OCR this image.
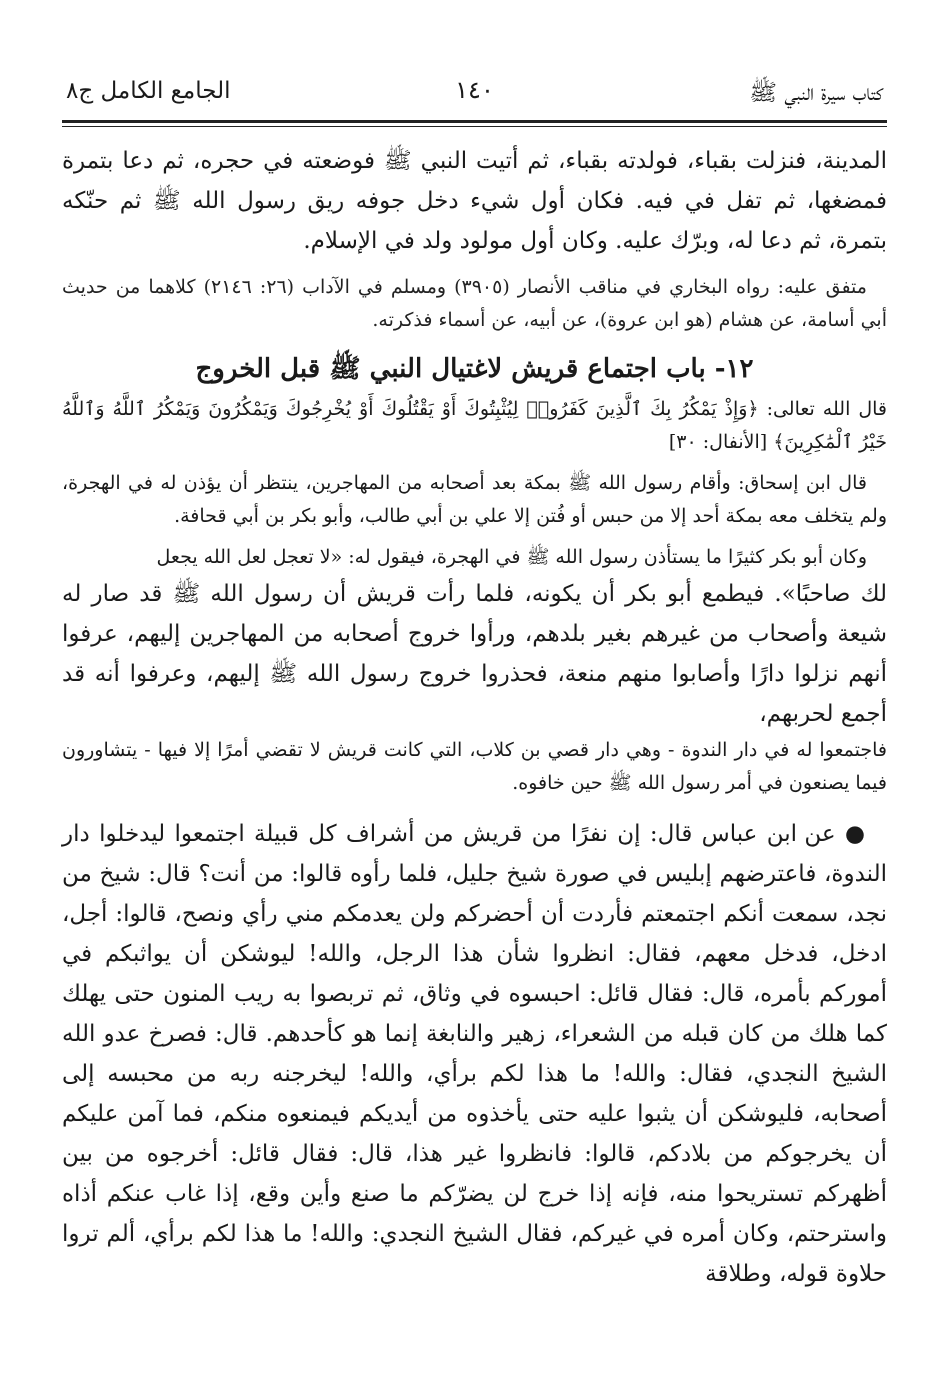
كتاب سيرة النبي ﷺ
١٤٠
الجامع الكامل ج٨

المدينة، فنزلت بقباء، فولدته بقباء، ثم أتيت النبي ﷺ فوضعته في حجره، ثم دعا بتمرة فمضغها، ثم تفل في فيه. فكان أول شيء دخل جوفه ريق رسول الله ﷺ ثم حنّكه بتمرة، ثم دعا له، وبرّك عليه. وكان أول مولود ولد في الإسلام.

متفق عليه: رواه البخاري في مناقب الأنصار (٣٩٠٥) ومسلم في الآداب (٢٦: ٢١٤٦) كلاهما من حديث أبي أسامة، عن هشام (هو ابن عروة)، عن أبيه، عن أسماء فذكرته.

١٢- باب اجتماع قريش لاغتيال النبي ﷺ قبل الخروج

قال الله تعالى: ﴿وَإِذْ يَمْكُرُ بِكَ ٱلَّذِينَ كَفَرُوا۟ لِيُثْبِتُوكَ أَوْ يَقْتُلُوكَ أَوْ يُخْرِجُوكَ وَيَمْكُرُونَ وَيَمْكُرُ ٱللَّهُ وَٱللَّهُ خَيْرُ ٱلْمَٰكِرِينَ﴾ [الأنفال: ٣٠]

قال ابن إسحاق: وأقام رسول الله ﷺ بمكة بعد أصحابه من المهاجرين، ينتظر أن يؤذن له في الهجرة، ولم يتخلف معه بمكة أحد إلا من حبس أو فُتن إلا علي بن أبي طالب، وأبو بكر بن أبي قحافة.

وكان أبو بكر كثيرًا ما يستأذن رسول الله ﷺ في الهجرة، فيقول له: «لا تعجل لعل الله يجعل

لك صاحبًا». فيطمع أبو بكر أن يكونه، فلما رأت قريش أن رسول الله ﷺ قد صار له شيعة وأصحاب من غيرهم بغير بلدهم، ورأوا خروج أصحابه من المهاجرين إليهم، عرفوا أنهم نزلوا دارًا وأصابوا منهم منعة، فحذروا خروج رسول الله ﷺ إليهم، وعرفوا أنه قد أجمع لحربهم،

فاجتمعوا له في دار الندوة - وهي دار قصي بن كلاب، التي كانت قريش لا تقضي أمرًا إلا فيها - يتشاورون فيما يصنعون في أمر رسول الله ﷺ حين خافوه.

● عن ابن عباس قال: إن نفرًا من قريش من أشراف كل قبيلة اجتمعوا ليدخلوا دار الندوة، فاعترضهم إبليس في صورة شيخ جليل، فلما رأوه قالوا: من أنت؟ قال: شيخ من نجد، سمعت أنكم اجتمعتم فأردت أن أحضركم ولن يعدمكم مني رأي ونصح، قالوا: أجل، ادخل، فدخل معهم، فقال: انظروا شأن هذا الرجل، والله! ليوشكن أن يواثبكم في أموركم بأمره، قال: فقال قائل: احبسوه في وثاق، ثم تربصوا به ريب المنون حتى يهلك كما هلك من كان قبله من الشعراء، زهير والنابغة إنما هو كأحدهم. قال: فصرخ عدو الله الشيخ النجدي، فقال: والله! ما هذا لكم برأي، والله! ليخرجنه ربه من محبسه إلى أصحابه، فليوشكن أن يثبوا عليه حتى يأخذوه من أيديكم فيمنعوه منكم، فما آمن عليكم أن يخرجوكم من بلادكم، قالوا: فانظروا غير هذا، قال: فقال قائل: أخرجوه من بين أظهركم تستريحوا منه، فإنه إذا خرج لن يضرّكم ما صنع وأين وقع، إذا غاب عنكم أذاه واسترحتم، وكان أمره في غيركم، فقال الشيخ النجدي: والله! ما هذا لكم برأي، ألم تروا حلاوة قوله، وطلاقة
